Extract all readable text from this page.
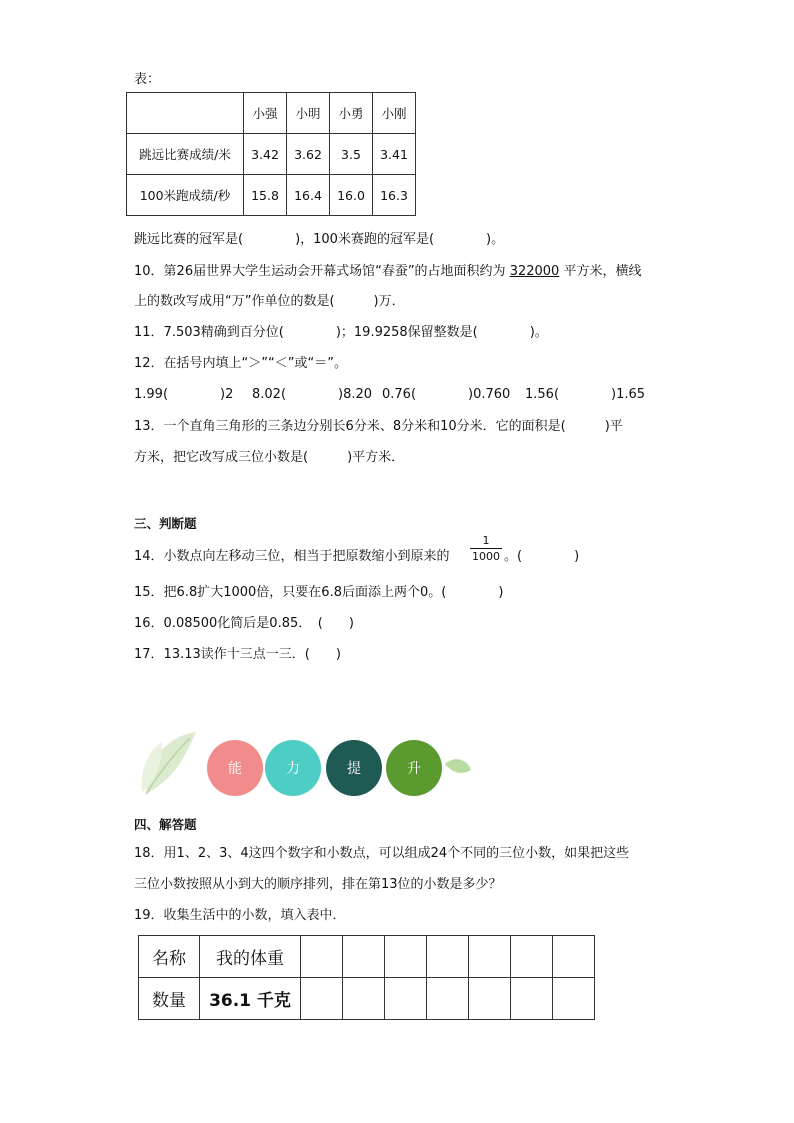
表：
	小强	小明	小勇	小刚
跳远比赛成绩/米	3.42	3.62	3.5	3.41
100米跑成绩/秒	15.8	16.4	16.0	16.3
跳远比赛的冠军是(　　　　)，100米赛跑的冠军是(　　　　)。
10．第26届世界大学生运动会开幕式场馆“春蚕”的占地面积约为 322000 平方米，横线
上的数改写成用“万”作单位的数是(　　　)万．
11．7.503精确到百分位(　　　　)；19.9258保留整数是(　　　　)。
12．在括号内填上“＞”“＜”或“＝”。
1.99(　　　　)2 8.02(　　　　)8.20 0.76(　　　　)0.760 1.56(　　　　)1.65
13．一个直角三角形的三条边分别长6分米、8分米和10分米．它的面积是(　　　)平
方米，把它改写成三位小数是(　　　)平方米．
三、判断题
14．小数点向左移动三位，相当于把原数缩小到原来的 $\frac{1}{1000}$ 。(　　　　)
15．把6.8扩大1000倍，只要在6.8后面添上两个0。(　　　　)
16．0.08500化简后是0.85．　(　　)
17．13.13读作十三点一三．(　　)
能	力	提	升
四、解答题
18．用1、2、3、4这四个数字和小数点，可以组成24个不同的三位小数，如果把这些
三位小数按照从小到大的顺序排列，排在第13位的小数是多少？
19．收集生活中的小数，填入表中．
名称	我的体重							
数量	36.1 千克							
